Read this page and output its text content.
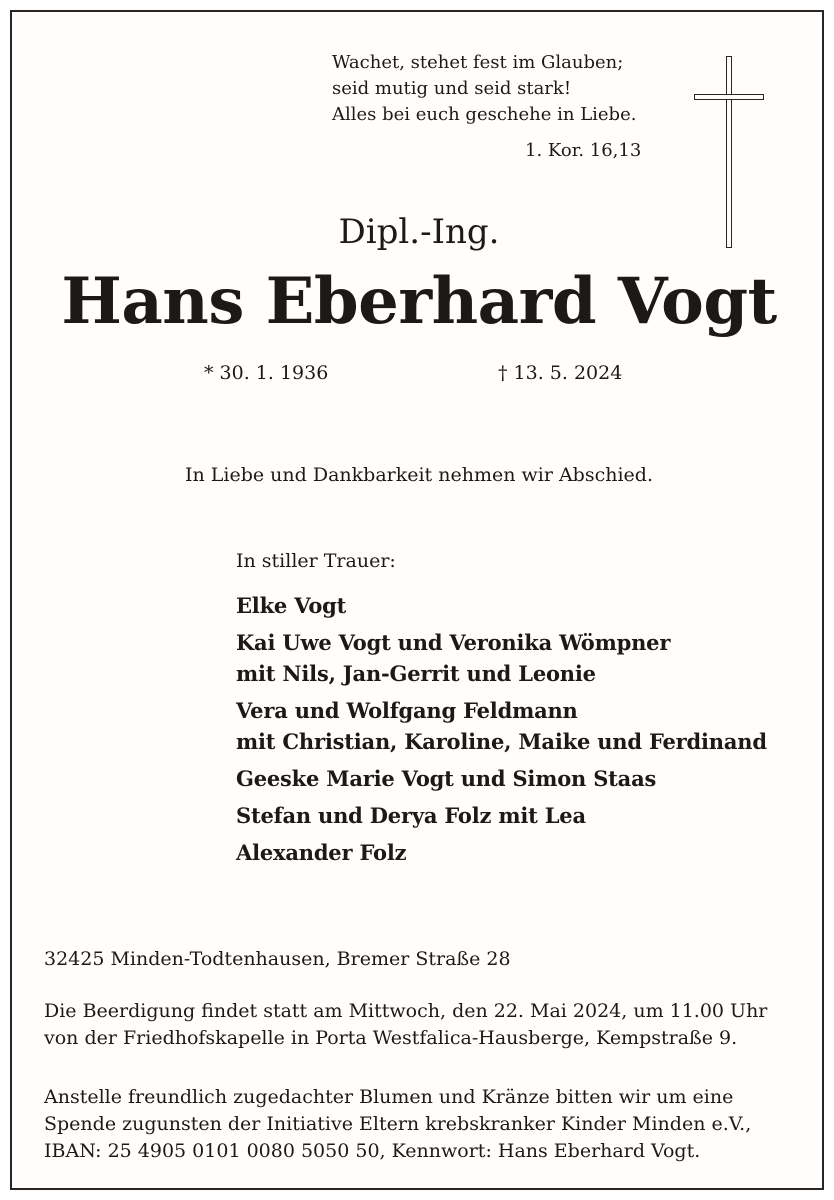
Wachet, stehet fest im Glauben;
seid mutig und seid stark!
Alles bei euch geschehe in Liebe.
1. Kor. 16,13
Dipl.-Ing.
Hans Eberhard Vogt
* 30. 1. 1936	† 13. 5. 2024
In Liebe und Dankbarkeit nehmen wir Abschied.
In stiller Trauer:
Elke Vogt
Kai Uwe Vogt und Veronika Wömpner
mit Nils, Jan-Gerrit und Leonie
Vera und Wolfgang Feldmann
mit Christian, Karoline, Maike und Ferdinand
Geeske Marie Vogt und Simon Staas
Stefan und Derya Folz mit Lea
Alexander Folz
32425 Minden-Todtenhausen, Bremer Straße 28
Die Beerdigung findet statt am Mittwoch, den 22. Mai 2024, um 11.00 Uhr
von der Friedhofskapelle in Porta Westfalica-Hausberge, Kempstraße 9.
Anstelle freundlich zugedachter Blumen und Kränze bitten wir um eine
Spende zugunsten der Initiative Eltern krebskranker Kinder Minden e.V.,
IBAN: 25 4905 0101 0080 5050 50, Kennwort: Hans Eberhard Vogt.
